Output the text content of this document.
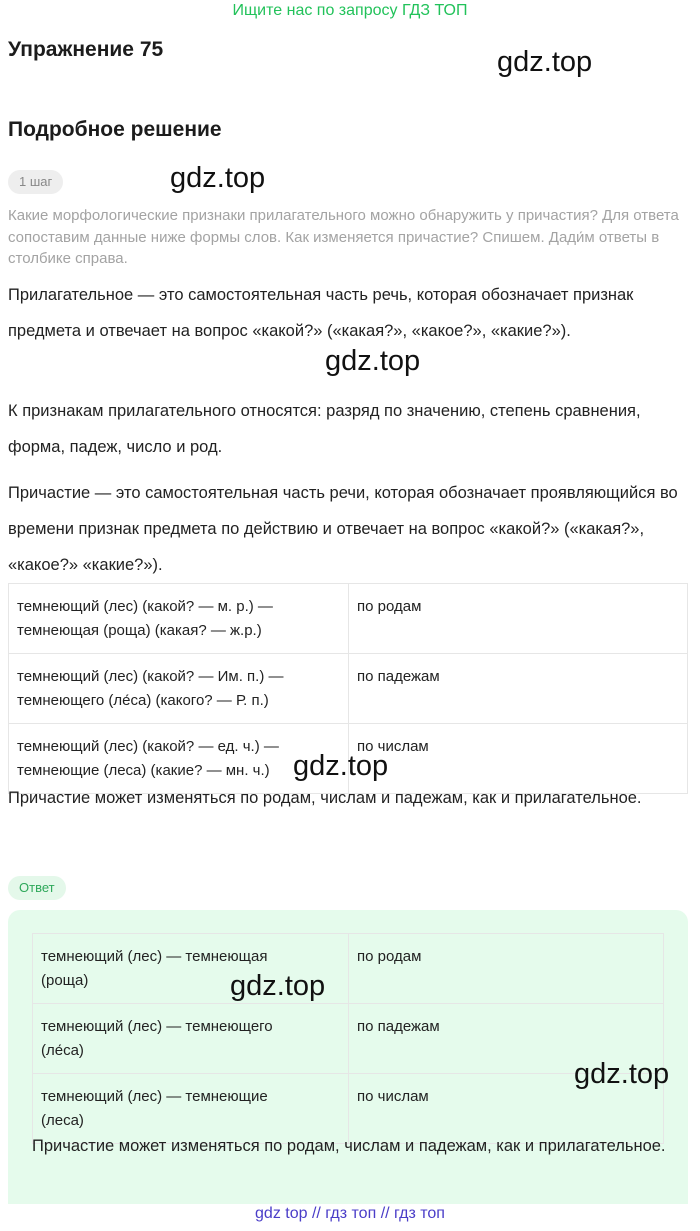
Ищите нас по запросу ГДЗ ТОП
Упражнение 75	gdz.top
Подробное решение
1 шаг	gdz.top
Какие морфологические признаки прилагательного можно обнаружить у причастия? Для ответа сопоставим данные ниже формы слов. Как изменяется причастие? Спишем. Дади́м ответы в столбике справа.
Прилагательное — это самостоятельная часть речь, которая обозначает признак предмета и отвечает на вопрос «какой?» («какая?», «какое?», «какие?»).
gdz.top
К признакам прилагательного относятся: разряд по значению, степень сравнения, форма, падеж, число и род.
Причастие — это самостоятельная часть речи, которая обозначает проявляющийся во времени признак предмета по действию и отвечает на вопрос «какой?» («какая?», «какое?» «какие?»).
темнеющий (лес) (какой? — м. р.) —
темнеющая (роща) (какая? — ж.р.)	по родам

темнеющий (лес) (какой? — Им. п.) —
темнеющего (ле́са) (какого? — Р. п.)	по падежам

темнеющий (лес) (какой? — ед. ч.) —
темнеющие (леса) (какие? — мн. ч.)	по числам
gdz.top
Причастие может изменяться по родам, числам и падежам, как и прилагательное.
Ответ
темнеющий (лес) — темнеющая
(роща)	по родам

темнеющий (лес) — темнеющего
(ле́са)	по падежам

темнеющий (лес) — темнеющие
(леса)	по числам
gdz.top
gdz.top
Причастие может изменяться по родам, числам и падежам, как и прилагательное.
gdz top // гдз топ // гдз топ
